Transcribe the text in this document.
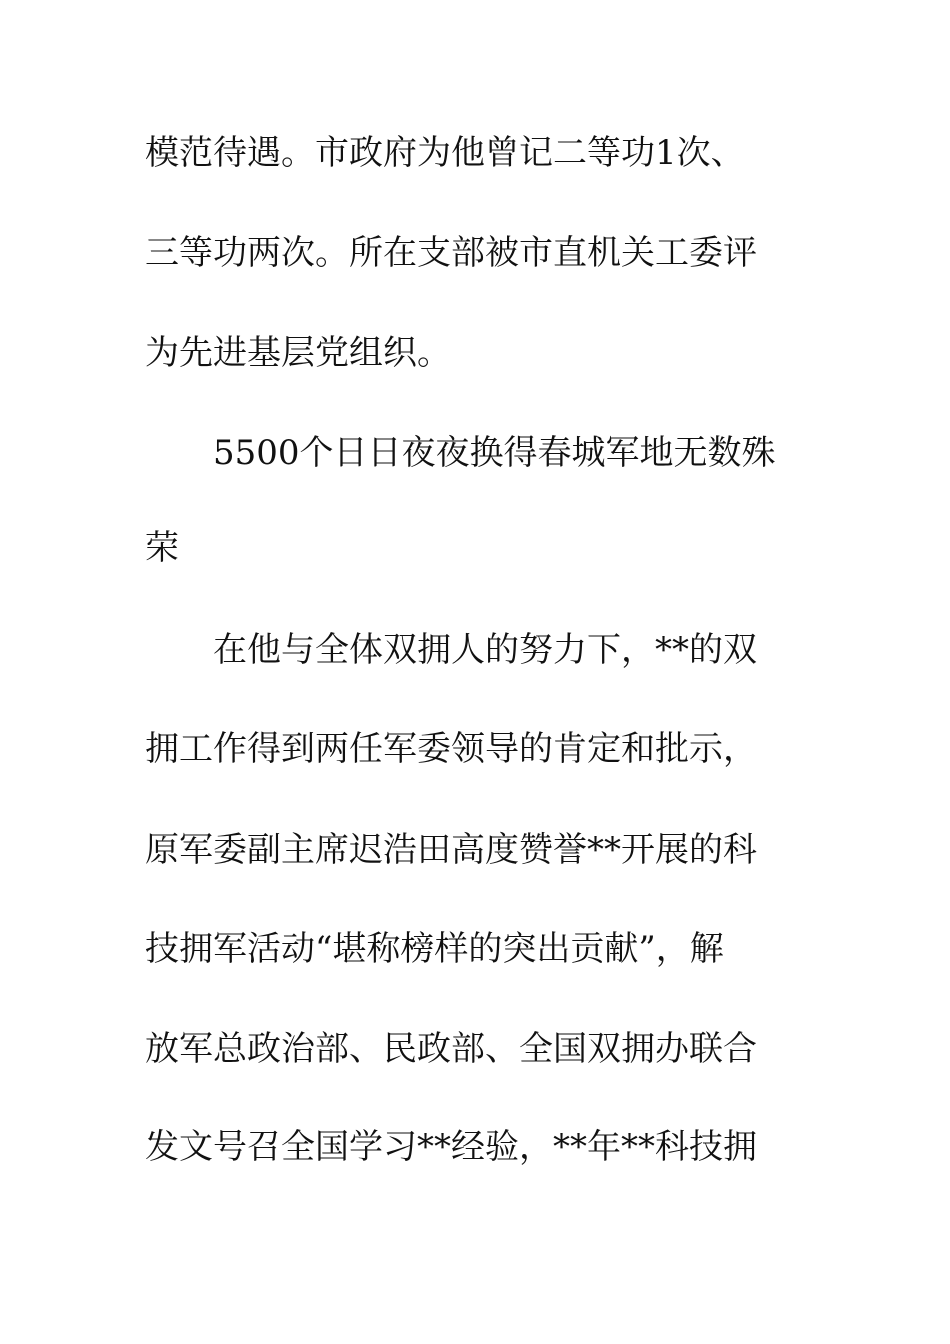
模范待遇。市政府为他曾记二等功1次、
三等功两次。所在支部被市直机关工委评
为先进基层党组织。
5500个日日夜夜换得春城军地无数殊
荣
在他与全体双拥人的努力下，**的双
拥工作得到两任军委领导的肯定和批示，
原军委副主席迟浩田高度赞誉**开展的科
技拥军活动“堪称榜样的突出贡献”，解
放军总政治部、民政部、全国双拥办联合
发文号召全国学习**经验，**年**科技拥
